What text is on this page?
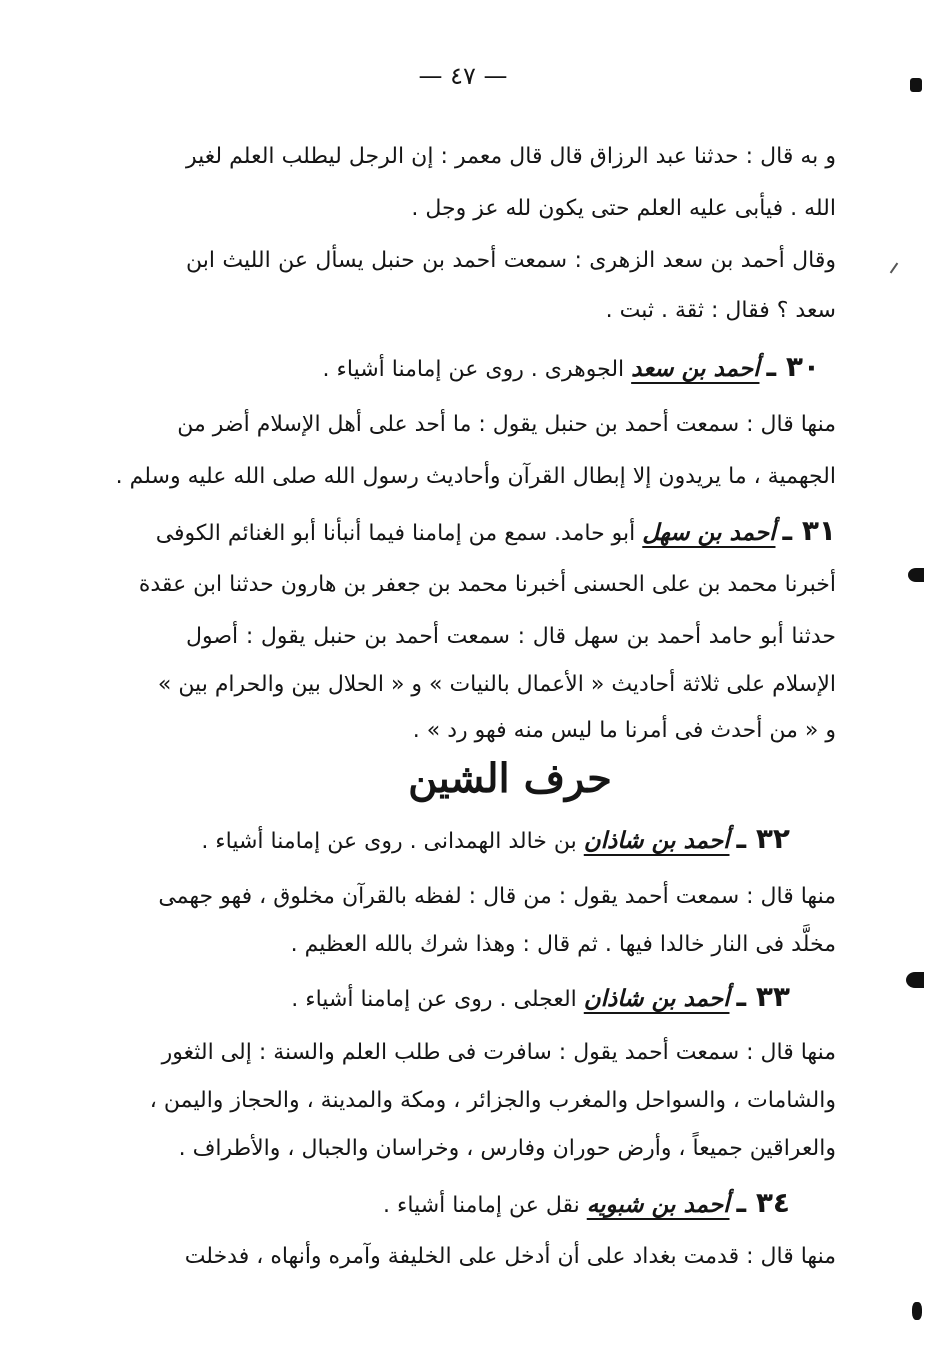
— ٤٧ —
و به قال : حدثنا عبد الرزاق قال قال معمر : إن الرجل ليطلب العلم لغير
الله . فيأبى عليه العلم حتى يكون لله عز وجل .
وقال أحمد بن سعد الزهرى : سمعت أحمد بن حنبل يسأل عن الليث ابن
سعد ؟ فقال : ثقة . ثبت .
٣٠ ـ أحمد بن سعد الجوهرى . روى عن إمامنا أشياء .
منها قال : سمعت أحمد بن حنبل يقول : ما أحد على أهل الإسلام أضر من
الجهمية ، ما يريدون إلا إبطال القرآن وأحاديث رسول الله صلى الله عليه وسلم .
٣١ ـ أحمد بن سهل أبو حامد. سمع من إمامنا فيما أنبأنا أبو الغنائم الكوفى
أخبرنا محمد بن على الحسنى أخبرنا محمد بن جعفر بن هارون حدثنا ابن عقدة
حدثنا أبو حامد أحمد بن سهل قال : سمعت أحمد بن حنبل يقول : أصول
الإسلام على ثلاثة أحاديث « الأعمال بالنيات » و « الحلال بين والحرام بين »
و « من أحدث فى أمرنا ما ليس منه فهو رد » .
حرف الشين
٣٢ ـ أحمد بن شاذان بن خالد الهمدانى . روى عن إمامنا أشياء .
منها قال : سمعت أحمد يقول : من قال : لفظه بالقرآن مخلوق ، فهو جهمى
مخلَّد فى النار خالدا فيها . ثم قال : وهذا شرك بالله العظيم .
٣٣ ـ أحمد بن شاذان العجلى . روى عن إمامنا أشياء .
منها قال : سمعت أحمد يقول : سافرت فى طلب العلم والسنة : إلى الثغور
والشامات ، والسواحل والمغرب والجزائر ، ومكة والمدينة ، والحجاز واليمن ،
والعراقين جميعاً ، وأرض حوران وفارس ، وخراسان والجبال ، والأطراف .
٣٤ ـ أحمد بن شبويه نقل عن إمامنا أشياء .
منها قال : قدمت بغداد على أن أدخل على الخليفة وآمره وأنهاه ، فدخلت
